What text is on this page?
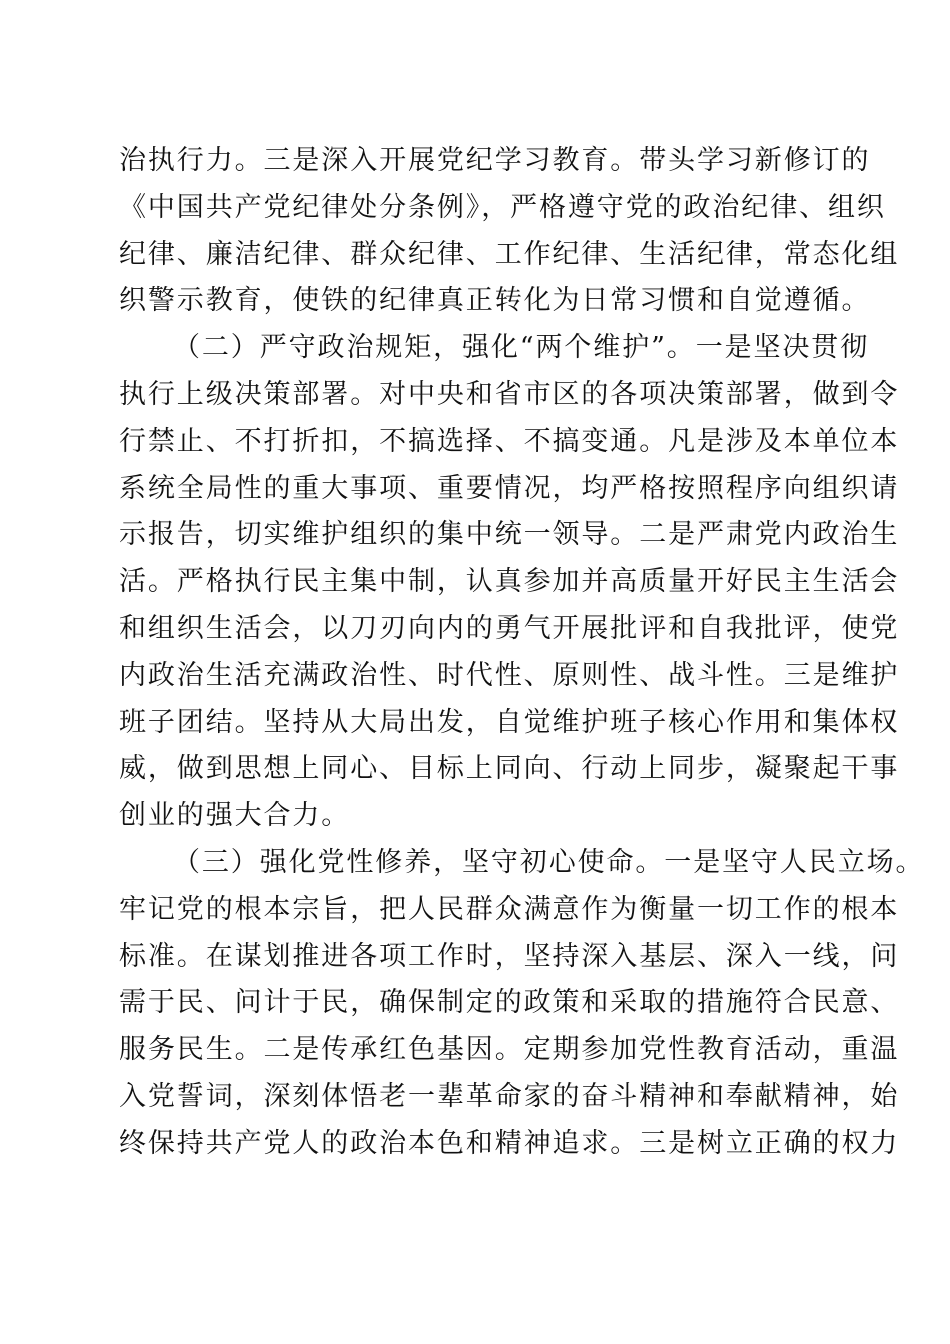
治执行力。三是深入开展党纪学习教育。带头学习新修订的
《中国共产党纪律处分条例》，严格遵守党的政治纪律、组织
纪律、廉洁纪律、群众纪律、工作纪律、生活纪律，常态化组
织警示教育，使铁的纪律真正转化为日常习惯和自觉遵循。
（二）严守政治规矩，强化“两个维护”。一是坚决贯彻
执行上级决策部署。对中央和省市区的各项决策部署，做到令
行禁止、不打折扣，不搞选择、不搞变通。凡是涉及本单位本
系统全局性的重大事项、重要情况，均严格按照程序向组织请
示报告，切实维护组织的集中统一领导。二是严肃党内政治生
活。严格执行民主集中制，认真参加并高质量开好民主生活会
和组织生活会，以刀刃向内的勇气开展批评和自我批评，使党
内政治生活充满政治性、时代性、原则性、战斗性。三是维护
班子团结。坚持从大局出发，自觉维护班子核心作用和集体权
威，做到思想上同心、目标上同向、行动上同步，凝聚起干事
创业的强大合力。
（三）强化党性修养，坚守初心使命。一是坚守人民立场。
牢记党的根本宗旨，把人民群众满意作为衡量一切工作的根本
标准。在谋划推进各项工作时，坚持深入基层、深入一线，问
需于民、问计于民，确保制定的政策和采取的措施符合民意、
服务民生。二是传承红色基因。定期参加党性教育活动，重温
入党誓词，深刻体悟老一辈革命家的奋斗精神和奉献精神，始
终保持共产党人的政治本色和精神追求。三是树立正确的权力
